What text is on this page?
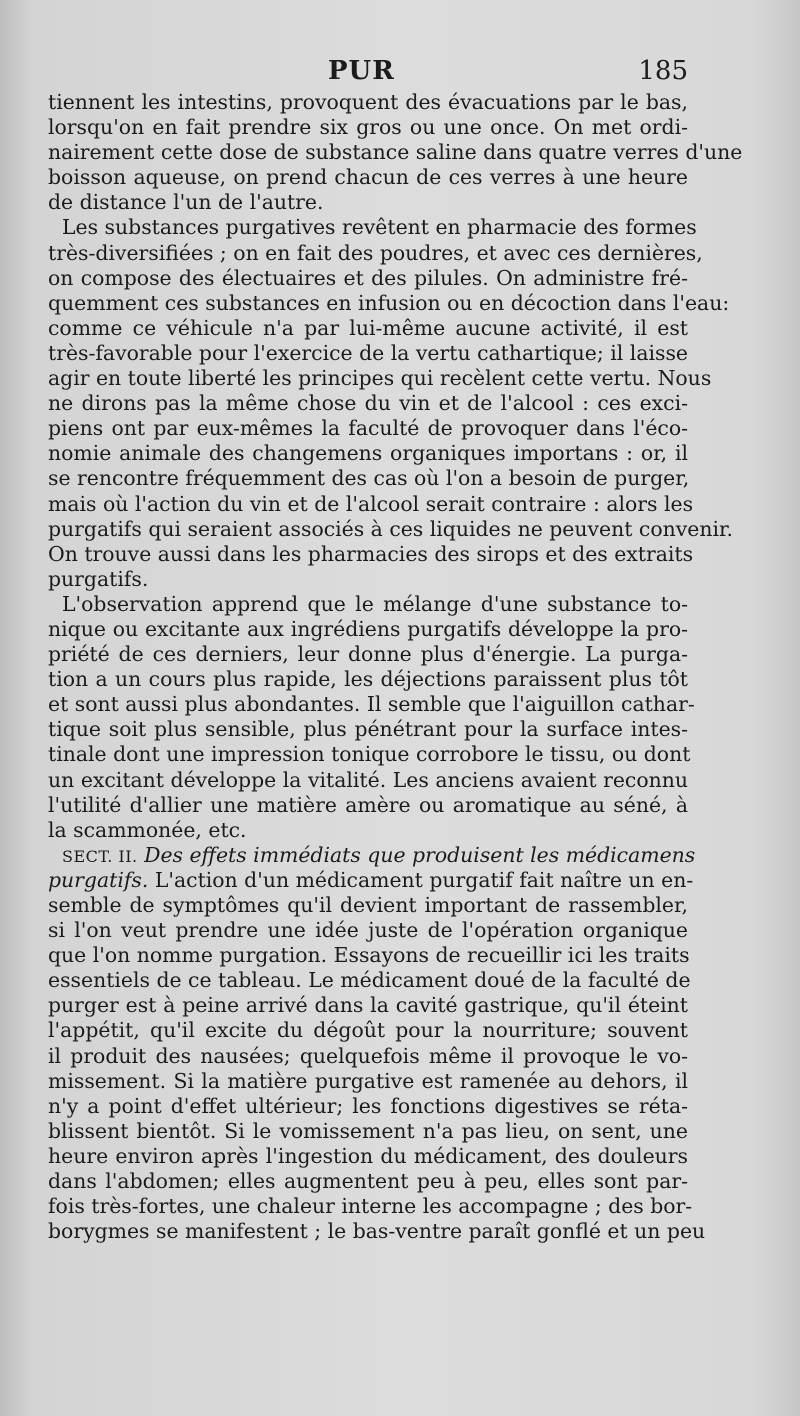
PUR	185
tiennent les intestins, provoquent des évacuations par le bas,
lorsqu'on en fait prendre six gros ou une once. On met ordi-
nairement cette dose de substance saline dans quatre verres d'une
boisson aqueuse, on prend chacun de ces verres à une heure
de distance l'un de l'autre.
Les substances purgatives revêtent en pharmacie des formes
très-diversifiées ; on en fait des poudres, et avec ces dernières,
on compose des électuaires et des pilules. On administre fré-
quemment ces substances en infusion ou en décoction dans l'eau:
comme ce véhicule n'a par lui-même aucune activité, il est
très-favorable pour l'exercice de la vertu cathartique; il laisse
agir en toute liberté les principes qui recèlent cette vertu. Nous
ne dirons pas la même chose du vin et de l'alcool : ces exci-
piens ont par eux-mêmes la faculté de provoquer dans l'éco-
nomie animale des changemens organiques importans : or, il
se rencontre fréquemment des cas où l'on a besoin de purger,
mais où l'action du vin et de l'alcool serait contraire : alors les
purgatifs qui seraient associés à ces liquides ne peuvent convenir.
On trouve aussi dans les pharmacies des sirops et des extraits
purgatifs.
L'observation apprend que le mélange d'une substance to-
nique ou excitante aux ingrédiens purgatifs développe la pro-
priété de ces derniers, leur donne plus d'énergie. La purga-
tion a un cours plus rapide, les déjections paraissent plus tôt
et sont aussi plus abondantes. Il semble que l'aiguillon cathar-
tique soit plus sensible, plus pénétrant pour la surface intes-
tinale dont une impression tonique corrobore le tissu, ou dont
un excitant développe la vitalité. Les anciens avaient reconnu
l'utilité d'allier une matière amère ou aromatique au séné, à
la scammonée, etc.
SECT. II. Des effets immédiats que produisent les médicamens
purgatifs. L'action d'un médicament purgatif fait naître un en-
semble de symptômes qu'il devient important de rassembler,
si l'on veut prendre une idée juste de l'opération organique
que l'on nomme purgation. Essayons de recueillir ici les traits
essentiels de ce tableau. Le médicament doué de la faculté de
purger est à peine arrivé dans la cavité gastrique, qu'il éteint
l'appétit, qu'il excite du dégoût pour la nourriture; souvent
il produit des nausées; quelquefois même il provoque le vo-
missement. Si la matière purgative est ramenée au dehors, il
n'y a point d'effet ultérieur; les fonctions digestives se réta-
blissent bientôt. Si le vomissement n'a pas lieu, on sent, une
heure environ après l'ingestion du médicament, des douleurs
dans l'abdomen; elles augmentent peu à peu, elles sont par-
fois très-fortes, une chaleur interne les accompagne ; des bor-
borygmes se manifestent ; le bas-ventre paraît gonflé et un peu
